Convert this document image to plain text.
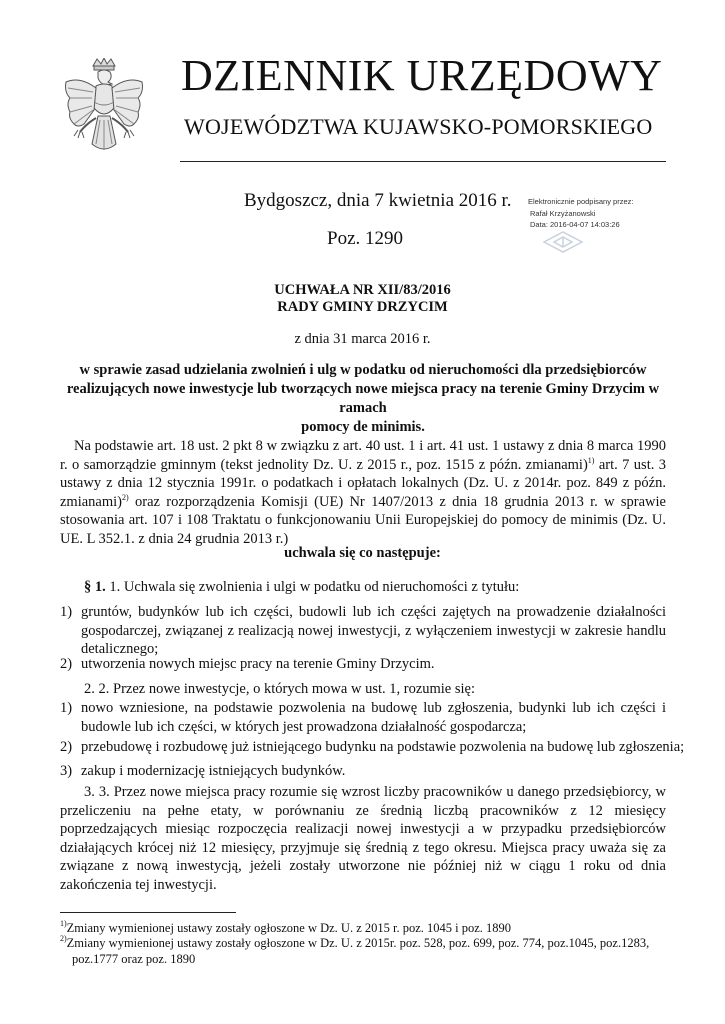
DZIENNIK URZĘDOWY
WOJEWÓDZTWA KUJAWSKO-POMORSKIEGO
Bydgoszcz, dnia 7 kwietnia 2016 r.
Poz. 1290
Elektronicznie podpisany przez:
Rafał Krzyżanowski
Data: 2016-04-07 14:03:26
UCHWAŁA NR XII/83/2016
RADY GMINY DRZYCIM
z dnia 31 marca 2016 r.
w sprawie zasad udzielania zwolnień i ulg w podatku od nieruchomości dla przedsiębiorców
realizujących nowe inwestycje lub tworzących nowe miejsca pracy na terenie Gminy Drzycim w ramach
pomocy de minimis.
Na podstawie art. 18 ust. 2 pkt 8 w związku z art. 40 ust. 1 i art. 41 ust. 1 ustawy z dnia 8 marca 1990 r. o samorządzie gminnym (tekst jednolity Dz. U. z 2015 r., poz. 1515 z późn. zmianami)$^{1)}$ art. 7 ust. 3 ustawy z dnia 12 stycznia 1991r. o podatkach i opłatach lokalnych (Dz. U. z 2014r. poz. 849 z późn. zmianami)$^{2)}$ oraz rozporządzenia Komisji (UE) Nr 1407/2013 z dnia 18 grudnia 2013 r. w sprawie stosowania art. 107 i 108 Traktatu o funkcjonowaniu Unii Europejskiej do pomocy de minimis (Dz. U. UE. L 352.1. z dnia 24 grudnia 2013 r.)
uchwala się co następuje:
§ 1. 1. Uchwala się zwolnienia i ulgi w podatku od nieruchomości z tytułu:
1) gruntów, budynków lub ich części, budowli lub ich części zajętych na prowadzenie działalności gospodarczej, związanej z realizacją nowej inwestycji, z wyłączeniem inwestycji w zakresie handlu detalicznego;
2) utworzenia nowych miejsc pracy na terenie Gminy Drzycim.
2. 2. Przez nowe inwestycje, o których mowa w ust. 1, rozumie się:
1) nowo wzniesione, na podstawie pozwolenia na budowę lub zgłoszenia, budynki lub ich części i budowle lub ich części, w których jest prowadzona działalność gospodarcza;
2) przebudowę i rozbudowę już istniejącego budynku na podstawie pozwolenia na budowę lub zgłoszenia;
3) zakup i modernizację istniejących budynków.
3. 3. Przez nowe miejsca pracy rozumie się wzrost liczby pracowników u danego przedsiębiorcy, w przeliczeniu na pełne etaty, w porównaniu ze średnią liczbą pracowników z 12 miesięcy poprzedzających miesiąc rozpoczęcia realizacji nowej inwestycji a w przypadku przedsiębiorców działających krócej niż 12 miesięcy, przyjmuje się średnią z tego okresu. Miejsca pracy uważa się za związane z nową inwestycją, jeżeli zostały utworzone nie później niż w ciągu 1 roku od dnia zakończenia tej inwestycji.
$^{1)}$Zmiany wymienionej ustawy zostały ogłoszone w Dz. U. z 2015 r. poz. 1045 i poz. 1890
$^{2)}$Zmiany wymienionej ustawy zostały ogłoszone w Dz. U. z 2015r. poz. 528, poz. 699, poz. 774, poz.1045, poz.1283,
poz.1777 oraz poz. 1890
